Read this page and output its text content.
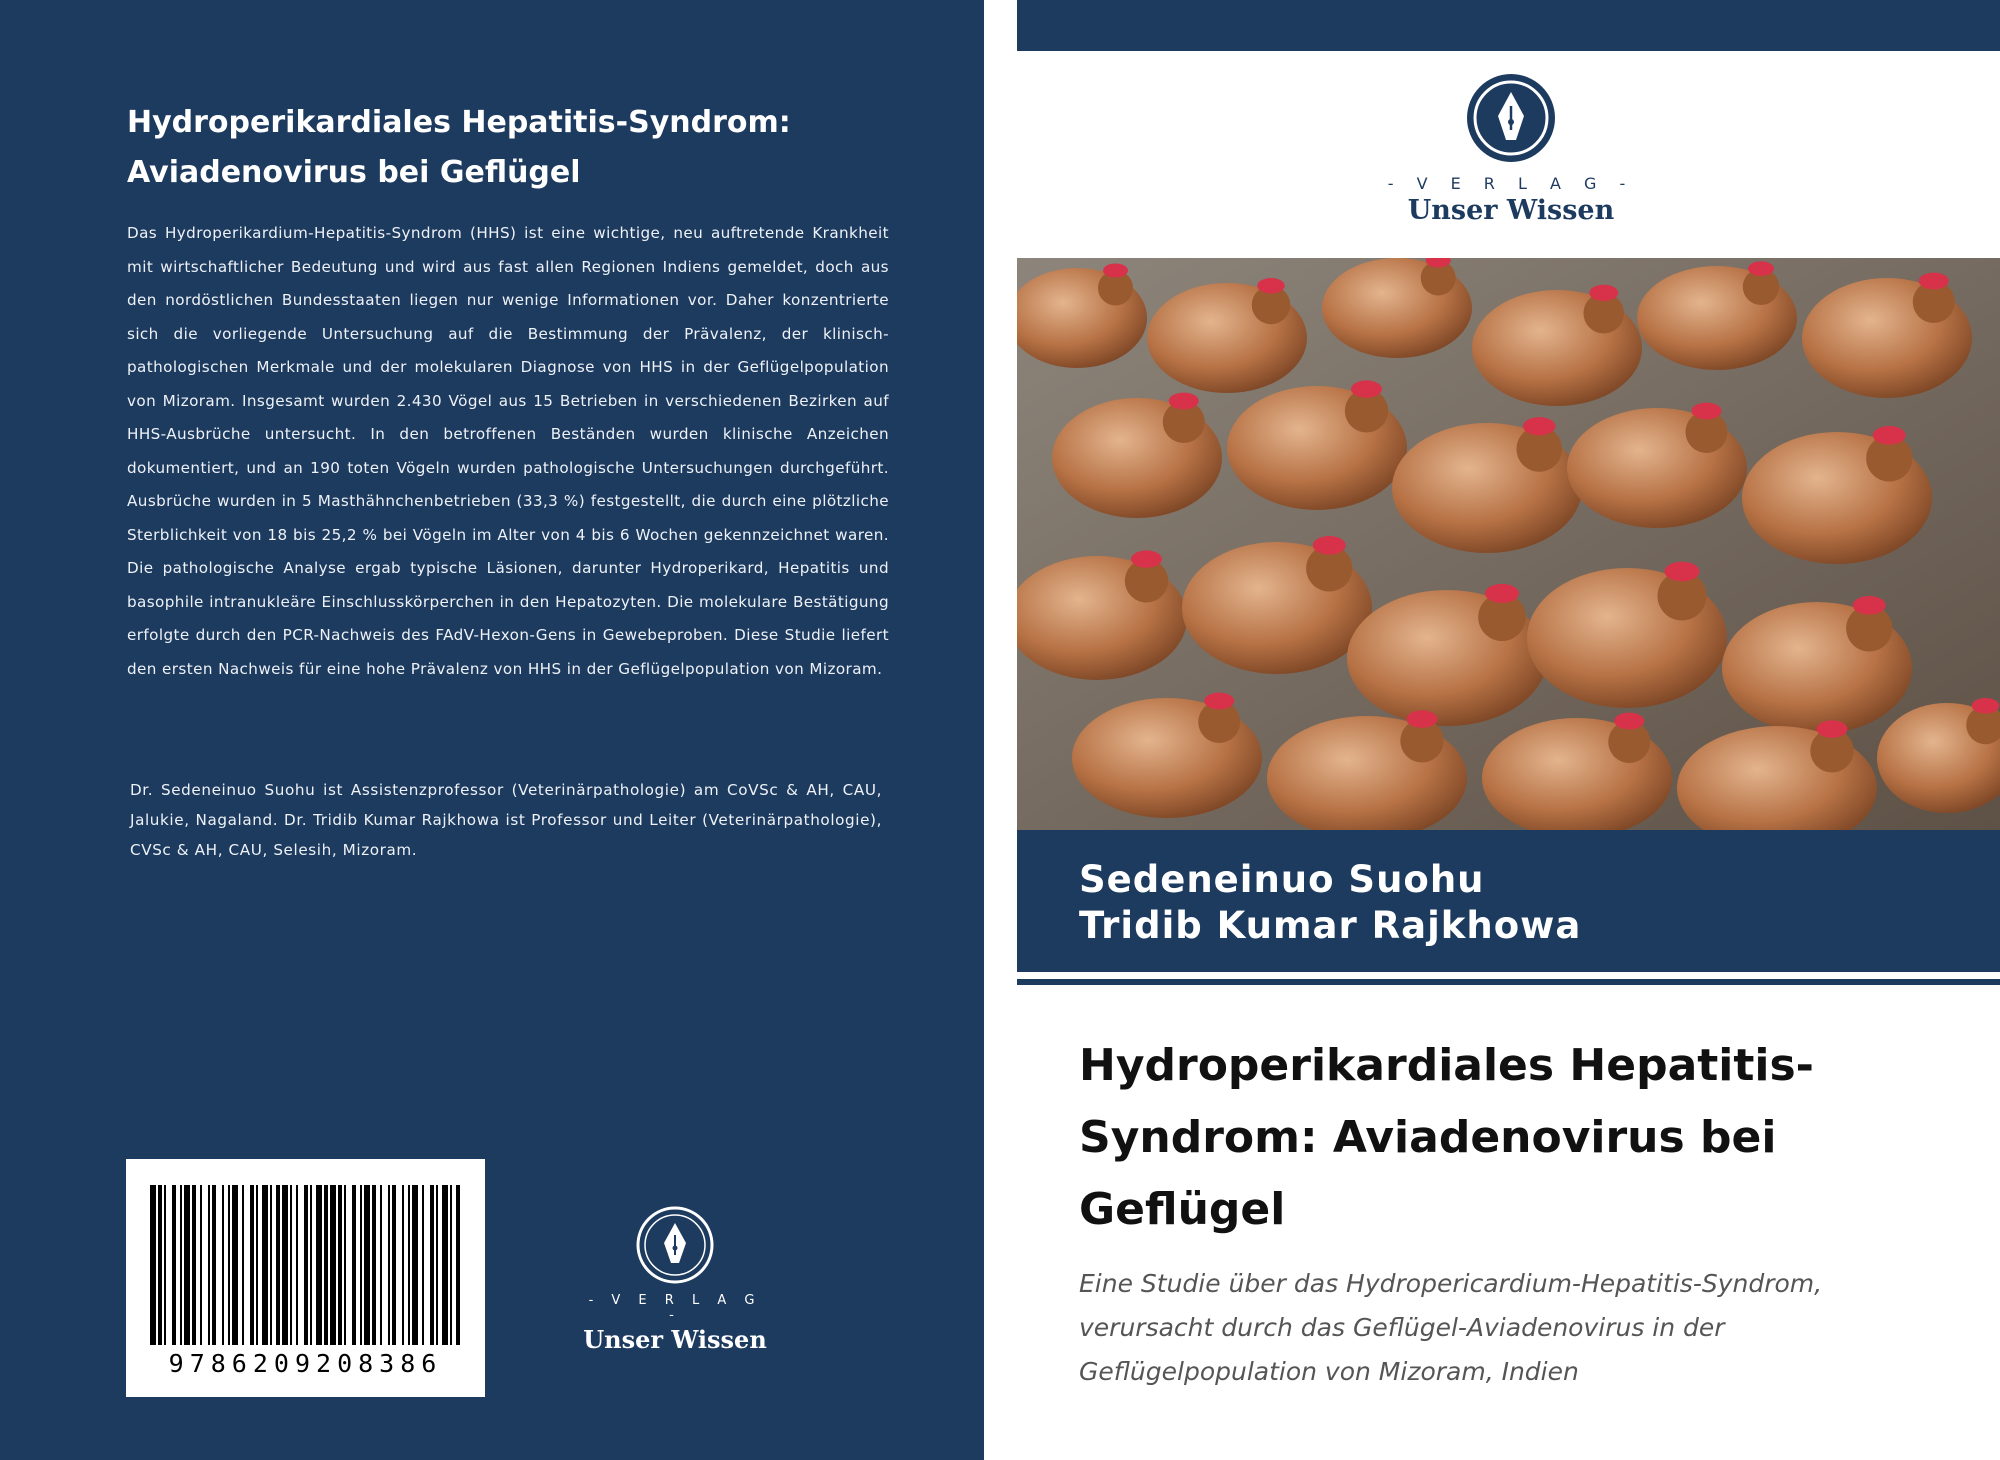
Hydroperikardiales Hepatitis-Syndrom: Aviadenovirus bei Geflügel

Das Hydroperikardium-Hepatitis-Syndrom (HHS) ist eine wichtige, neu auftretende Krankheit mit wirtschaftlicher Bedeutung und wird aus fast allen Regionen Indiens gemeldet, doch aus den nordöstlichen Bundesstaaten liegen nur wenige Informationen vor. Daher konzentrierte sich die vorliegende Untersuchung auf die Bestimmung der Prävalenz, der klinisch-pathologischen Merkmale und der molekularen Diagnose von HHS in der Geflügelpopulation von Mizoram. Insgesamt wurden 2.430 Vögel aus 15 Betrieben in verschiedenen Bezirken auf HHS-Ausbrüche untersucht. In den betroffenen Beständen wurden klinische Anzeichen dokumentiert, und an 190 toten Vögeln wurden pathologische Untersuchungen durchgeführt. Ausbrüche wurden in 5 Masthähnchenbetrieben (33,3 %) festgestellt, die durch eine plötzliche Sterblichkeit von 18 bis 25,2 % bei Vögeln im Alter von 4 bis 6 Wochen gekennzeichnet waren. Die pathologische Analyse ergab typische Läsionen, darunter Hydroperikard, Hepatitis und basophile intranukleäre Einschlusskörperchen in den Hepatozyten. Die molekulare Bestätigung erfolgte durch den PCR-Nachweis des FAdV-Hexon-Gens in Gewebeproben. Diese Studie liefert den ersten Nachweis für eine hohe Prävalenz von HHS in der Geflügelpopulation von Mizoram.

Dr. Sedeneinuo Suohu ist Assistenzprofessor (Veterinärpathologie) am CoVSc & AH, CAU, Jalukie, Nagaland. Dr. Tridib Kumar Rajkhowa ist Professor und Leiter (Veterinärpathologie), CVSc & AH, CAU, Selesih, Mizoram.

9786209208386
- V E R L A G -
Unser Wissen
- V E R L A G -
Unser Wissen
Sedeneinuo Suohu
Tridib Kumar Rajkhowa
Hydroperikardiales Hepatitis-Syndrom: Aviadenovirus bei Geflügel

Eine Studie über das Hydropericardium-Hepatitis-Syndrom, verursacht durch das Geflügel-Aviadenovirus in der Geflügelpopulation von Mizoram, Indien
